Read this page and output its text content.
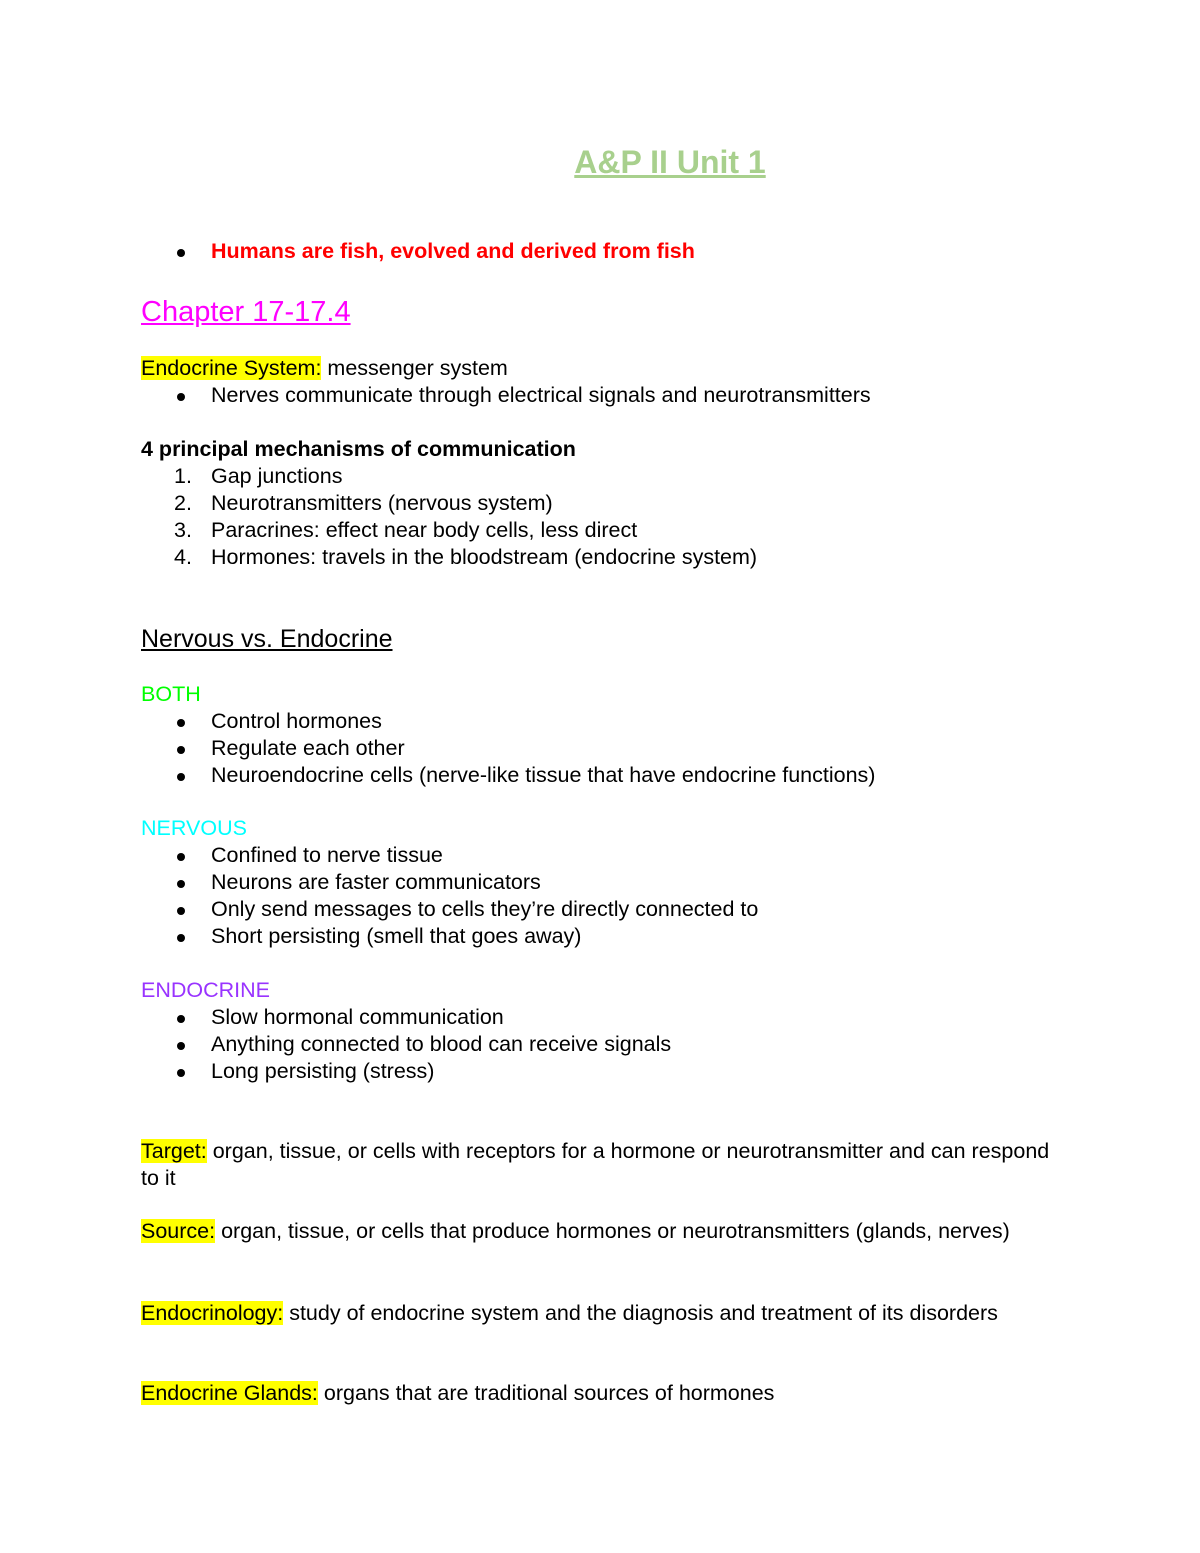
A&P II Unit 1
Humans are fish, evolved and derived from fish
Chapter 17-17.4
Endocrine System: messenger system
Nerves communicate through electrical signals and neurotransmitters
4 principal mechanisms of communication
1. Gap junctions
2. Neurotransmitters (nervous system)
3. Paracrines: effect near body cells, less direct
4. Hormones: travels in the bloodstream (endocrine system)
Nervous vs. Endocrine
BOTH
Control hormones
Regulate each other
Neuroendocrine cells (nerve-like tissue that have endocrine functions)
NERVOUS
Confined to nerve tissue
Neurons are faster communicators
Only send messages to cells they’re directly connected to
Short persisting (smell that goes away)
ENDOCRINE
Slow hormonal communication
Anything connected to blood can receive signals
Long persisting (stress)
Target: organ, tissue, or cells with receptors for a hormone or neurotransmitter and can respond to it
Source: organ, tissue, or cells that produce hormones or neurotransmitters (glands, nerves)
Endocrinology: study of endocrine system and the diagnosis and treatment of its disorders
Endocrine Glands: organs that are traditional sources of hormones
